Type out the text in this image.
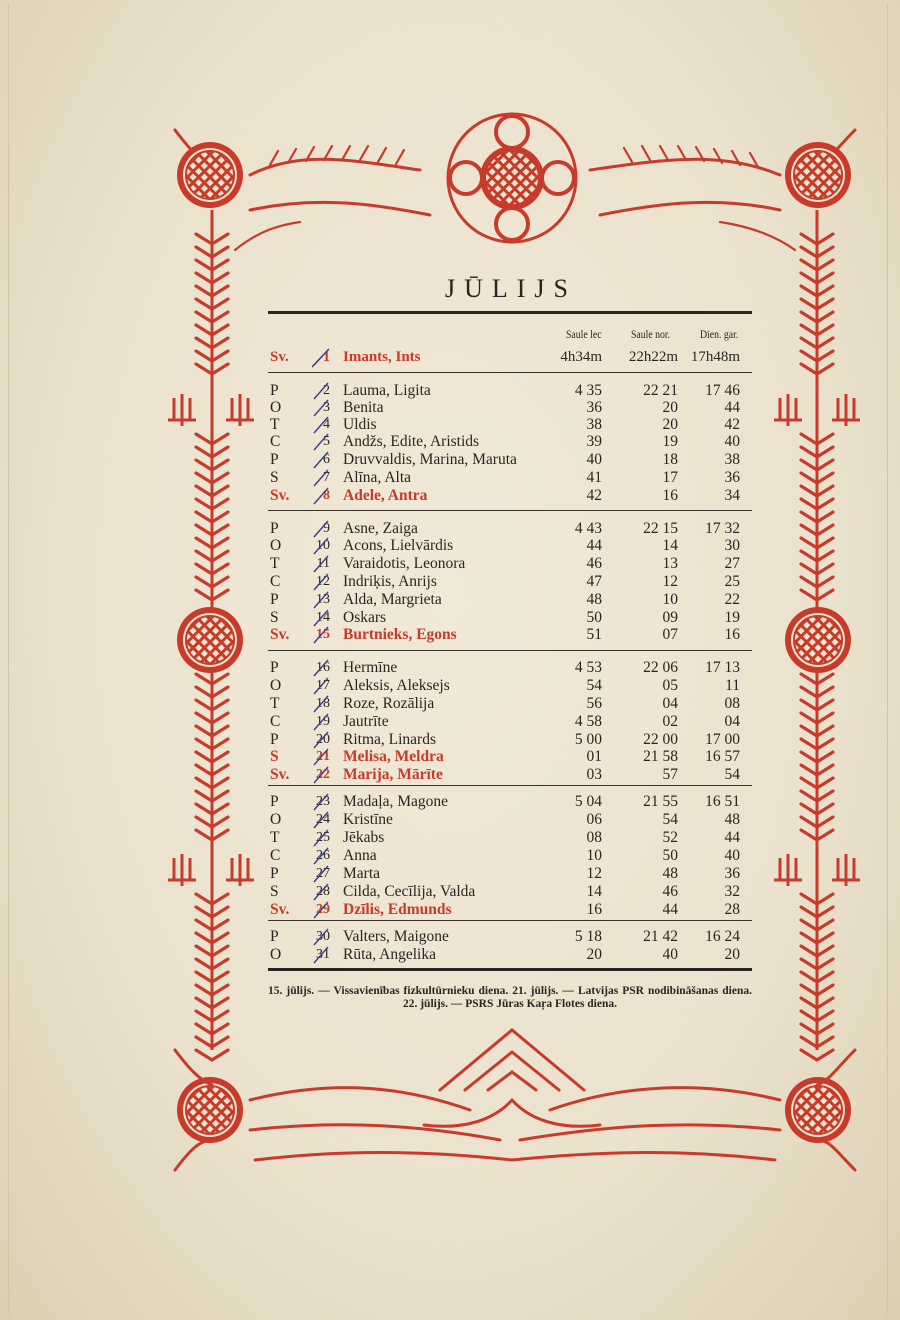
JŪLIJS
Saule lec	Saule nor.	Dien. gar.
Sv.	1 Imants, Ints	4h34m	22h22m 17h48m
P	2 Lauma, Ligita	4 35	22 21	17 46
O	3 Benita	36	20	44
T	4 Uldis	38	20	42
C	5 Andžs, Edite, Aristids	39	19	40
P	6 Druvvaldis, Marina, Maruta	40	18	38
S	7 Alīna, Alta	41	17	36
Sv.	8 Adele, Antra	42	16	34
P	9 Asne, Zaiga	4 43	22 15	17 32
O	10 Acons, Lielvārdis	44	14	30
T	11 Varaidotis, Leonora	46	13	27
C	12 Indriķis, Anrijs	47	12	25
P	13 Alda, Margrieta	48	10	22
S	14 Oskars	50	09	19
Sv.	15 Burtnieks, Egons	51	07	16
P	16 Hermīne	4 53	22 06	17 13
O	17 Aleksis, Aleksejs	54	05	11
T	18 Roze, Rozālija	56	04	08
C	19 Jautrīte	4 58	02	04
P	20 Ritma, Linards	5 00	22 00	17 00
S	21 Melisa, Meldra	01	21 58	16 57
Sv.	22 Marija, Mārīte	03	57	54
P	23 Madaļa, Magone	5 04	21 55	16 51
O	24 Kristīne	06	54	48
T	25 Jēkabs	08	52	44
C	26 Anna	10	50	40
P	27 Marta	12	48	36
S	28 Cilda, Cecīlija, Valda	14	46	32
Sv.	29 Dzīlis, Edmunds	16	44	28
P	30 Valters, Maigone	5 18	21 42	16 24
O	31 Rūta, Angelika	20	40	20
15. jūlijs. — Vissavienības fizkultūrnieku diena. 21. jūlijs. — Latvijas PSR nodibināšanas diena. 22. jūlijs. — PSRS Jūras Kaŗa Flotes diena.
